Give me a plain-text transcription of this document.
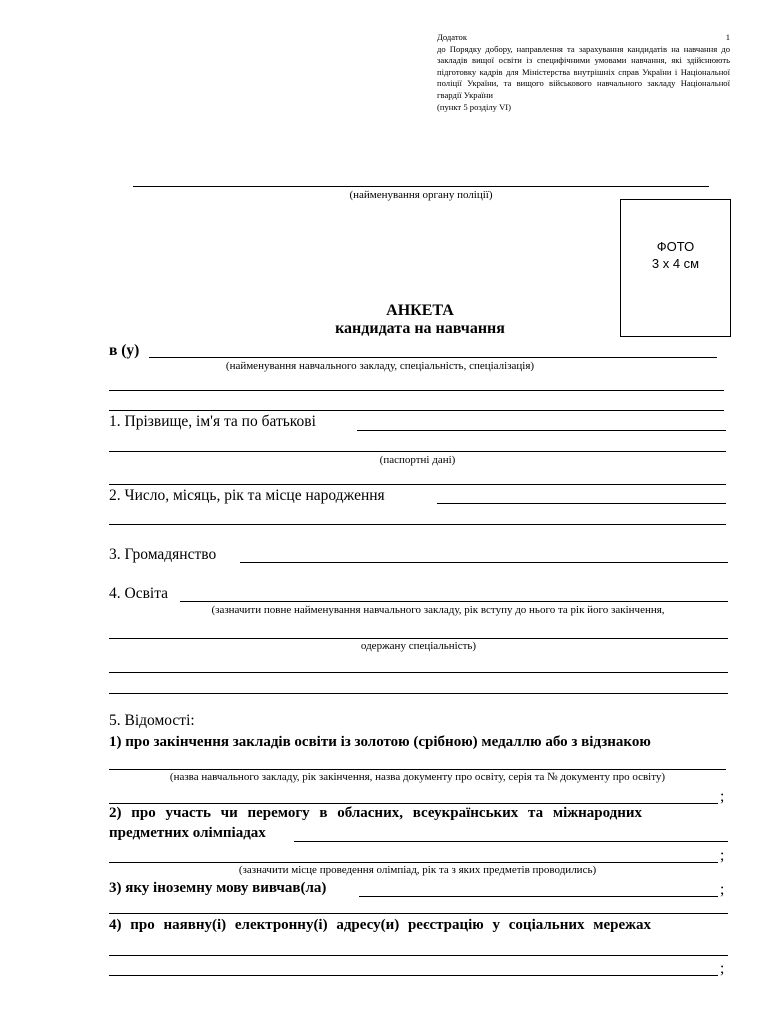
Додаток	1
до Порядку добору, направлення та зарахування кандидатів на навчання до закладів вищої освіти із специфічними умовами навчання, які здійснюють підготовку кадрів для Міністерства внутрішніх справ України і Національної поліції України, та вищого військового навчального закладу Національної гвардії України
(пункт 5 розділу VI)
(найменування органу поліції)
ФОТО
3 х 4 см
АНКЕТА
кандидата на навчання
в (у)
(найменування навчального закладу, спеціальність, спеціалізація)
1. Прізвище, ім'я та по батькові
(паспортні дані)
2. Число, місяць, рік та місце народження
3. Громадянство
4. Освіта
(зазначити повне найменування навчального закладу, рік вступу до нього та рік його закінчення,
одержану спеціальність)
5. Відомості:
1) про закінчення закладів освіти із золотою (срібною) медаллю або з відзнакою
(назва навчального закладу, рік закінчення, назва документу про освіту, серія та № документу про освіту)
;
2) про участь чи перемогу в обласних, всеукраїнських та міжнародних
предметних олімпіадах
;
(зазначити місце проведення олімпіад, рік та з яких предметів проводились)
3) яку іноземну мову вивчав(ла)	;
4) про наявну(і) електронну(і) адресу(и) реєстрацію у соціальних мережах
;
